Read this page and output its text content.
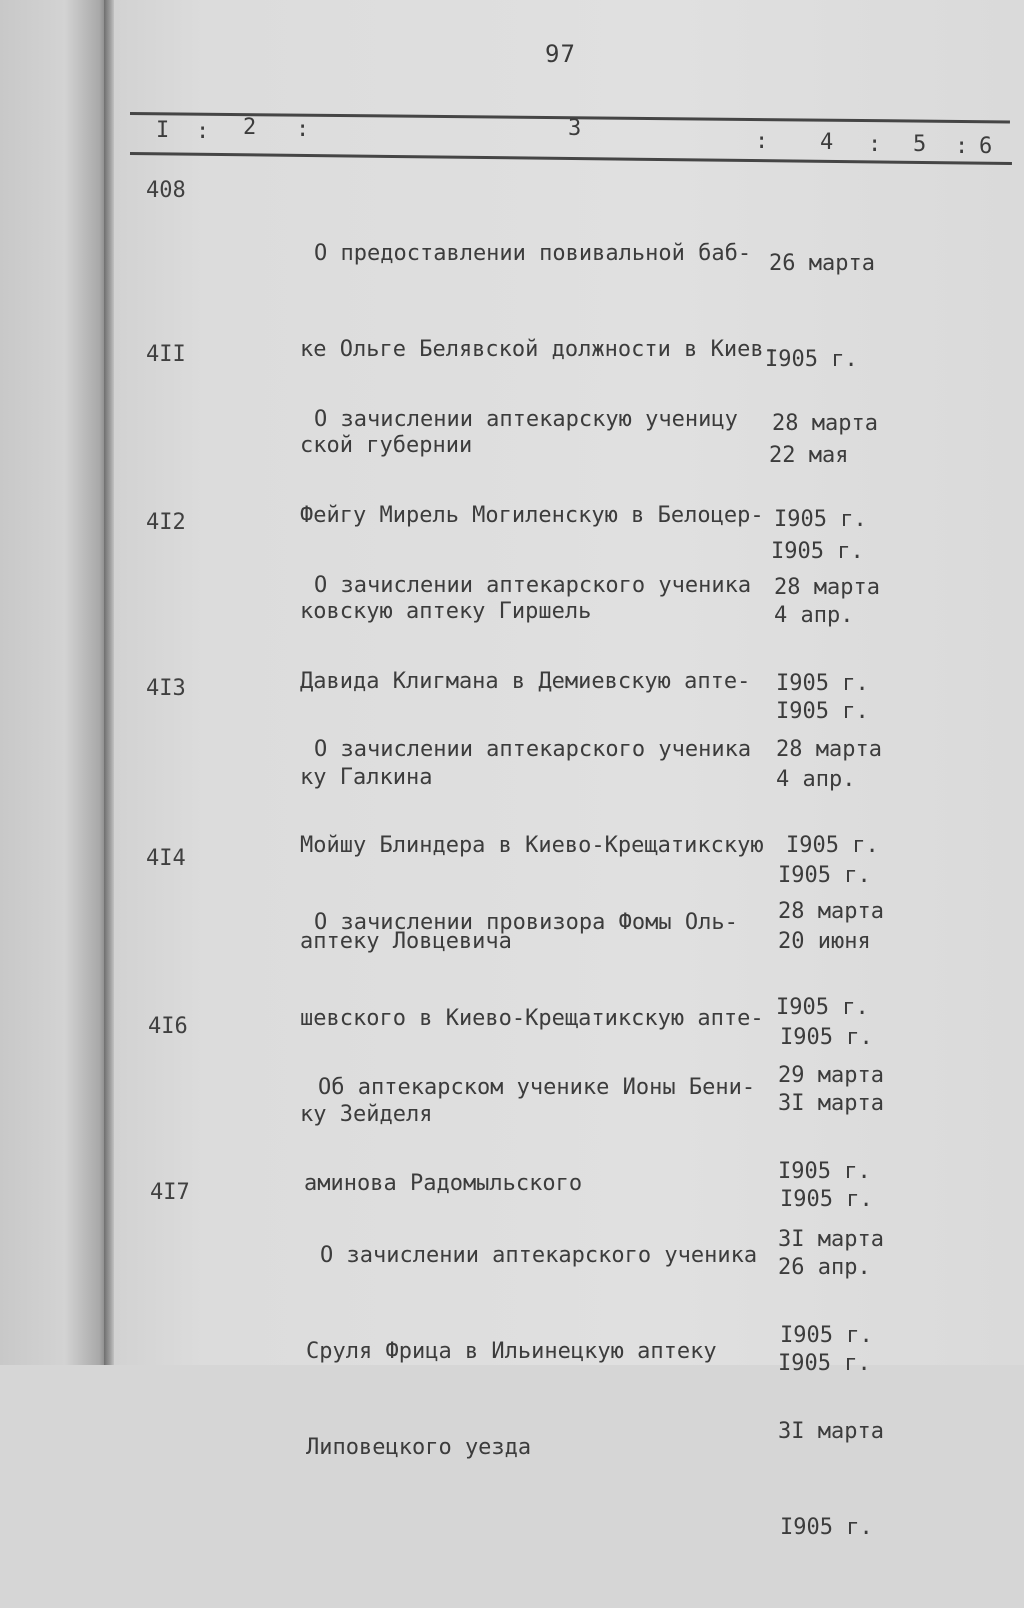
97
I : 2 :	3
: 4 : 5 : 6
408

О предоставлении повивальной баб-

ке Ольге Белявской должности в Киев-

ской губернии

26 марта

I905 г.

22 мая

I905 г.

4II

О зачислении аптекарскую ученицу

Фейгу Мирель Могиленскую в Белоцер-

ковскую аптеку Гиршель

28 марта

I905 г.

4 апр.

I905 г.

4I2

О зачислении аптекарского ученика

Давида Клигмана в Демиевскую апте-

ку Галкина

28 марта

I905 г.

4 апр.

I905 г.

4I3

О зачислении аптекарского ученика

Мойшу Блиндера в Киево-Крещатикскую

аптеку Ловцевича

28 марта

I905 г.

20 июня

I905 г.

4I4

О зачислении провизора Фомы Оль-

шевского в Киево-Крещатикскую апте-

ку Зейделя

28 марта

I905 г.

3I марта

I905 г.

4I6

Об аптекарском ученике Ионы Бени-

аминова Радомыльского

29 марта

I905 г.

26 апр.

I905 г.

4I7

О зачислении аптекарского ученика

Сруля Фрица в Ильинецкую аптеку

Липовецкого уезда

3I марта

I905 г.

3I марта

I905 г.
